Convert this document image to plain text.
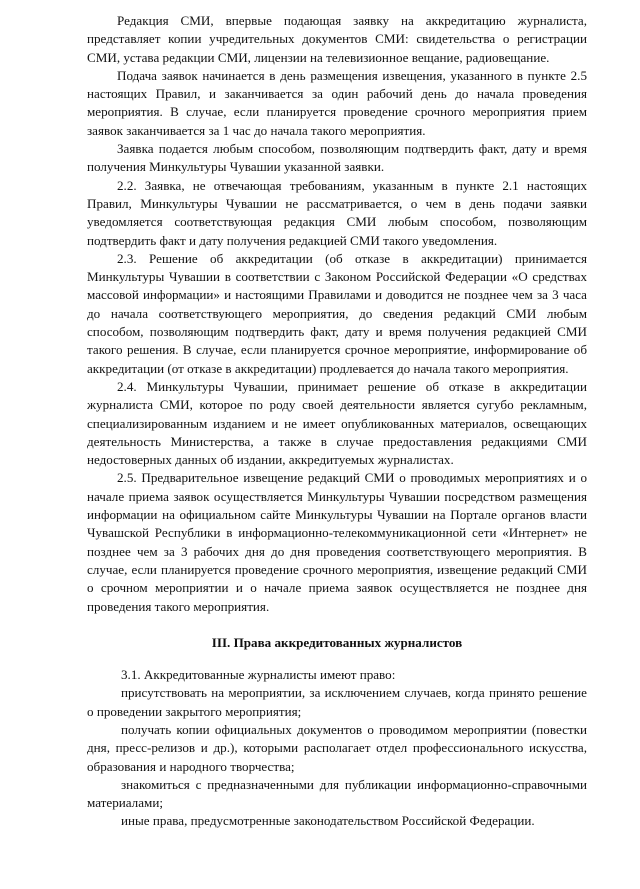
Редакция СМИ, впервые подающая заявку на аккредитацию журналиста, представляет копии учредительных документов СМИ: свидетельства о регистрации СМИ, устава редакции СМИ, лицензии на телевизионное вещание, радиовещание.

Подача заявок начинается в день размещения извещения, указанного в пункте 2.5 настоящих Правил, и заканчивается за один рабочий день до начала проведения мероприятия. В случае, если планируется проведение срочного мероприятия прием заявок заканчивается за 1 час до начала такого мероприятия.

Заявка подается любым способом, позволяющим подтвердить факт, дату и время получения Минкультуры Чувашии указанной заявки.

2.2. Заявка, не отвечающая требованиям, указанным в пункте 2.1 настоящих Правил, Минкультуры Чувашии не рассматривается, о чем в день подачи заявки уведомляется соответствующая редакция СМИ любым способом, позволяющим подтвердить факт и дату получения редакцией СМИ такого уведомления.

2.3. Решение об аккредитации (об отказе в аккредитации) принимается Минкультуры Чувашии в соответствии с Законом Российской Федерации «О средствах массовой информации» и настоящими Правилами и доводится не позднее чем за 3 часа до начала соответствующего мероприятия, до сведения редакций СМИ любым способом, позволяющим подтвердить факт, дату и время получения редакцией СМИ такого решения. В случае, если планируется срочное мероприятие, информирование об аккредитации (от отказе в аккредитации) продлевается до начала такого мероприятия.

2.4. Минкультуры Чувашии, принимает решение об отказе в аккредитации журналиста СМИ, которое по роду своей деятельности является сугубо рекламным, специализированным изданием и не имеет опубликованных материалов, освещающих деятельность Министерства, а также в случае предоставления редакциями СМИ недостоверных данных об издании, аккредитуемых журналистах.

2.5. Предварительное извещение редакций СМИ о проводимых мероприятиях и о начале приема заявок осуществляется Минкультуры Чувашии посредством размещения информации на официальном сайте Минкультуры Чувашии на Портале органов власти Чувашской Республики в информационно-телекоммуникационной сети «Интернет» не позднее чем за 3 рабочих дня до дня проведения соответствующего мероприятия. В случае, если планируется проведение срочного мероприятия, извещение редакций СМИ о срочном мероприятии и о начале приема заявок осуществляется не позднее дня проведения такого мероприятия.

III. Права аккредитованных журналистов

3.1. Аккредитованные журналисты имеют право:

присутствовать на мероприятии, за исключением случаев, когда принято решение о проведении закрытого мероприятия;

получать копии официальных документов о проводимом мероприятии (повестки дня, пресс-релизов и др.), которыми располагает отдел профессионального искусства, образования и народного творчества;

знакомиться с предназначенными для публикации информационно-справочными материалами;

иные права, предусмотренные законодательством Российской Федерации.
